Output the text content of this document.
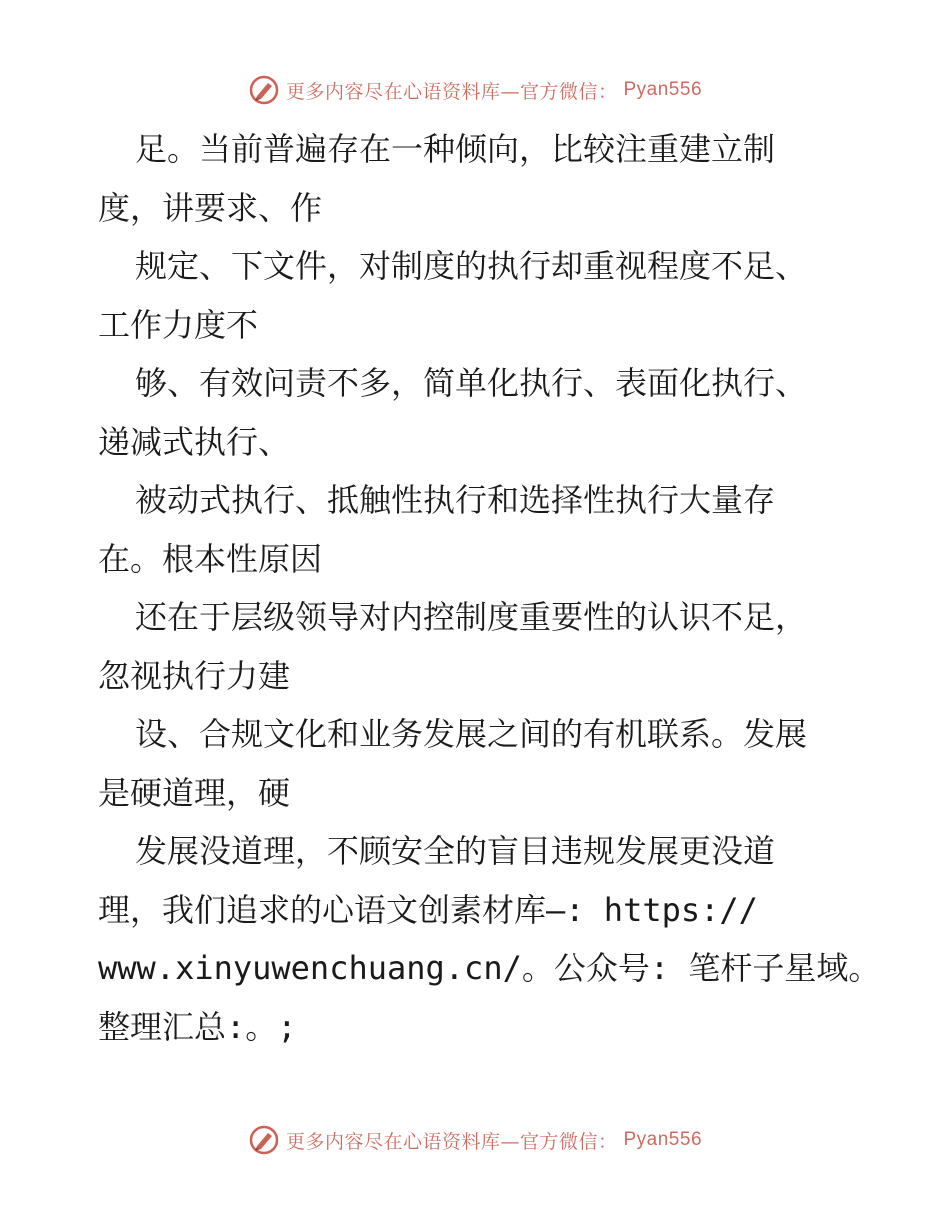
更多内容尽在心语资料库—官方微信： Pyan556

足。当前普遍存在一种倾向，比较注重建立制

度，讲要求、作

规定、下文件，对制度的执行却重视程度不足、

工作力度不

够、有效问责不多，简单化执行、表面化执行、

递减式执行、

被动式执行、抵触性执行和选择性执行大量存

在。根本性原因

还在于层级领导对内控制度重要性的认识不足，

忽视执行力建

设、合规文化和业务发展之间的有机联系。发展

是硬道理，硬

发展没道理，不顾安全的盲目违规发展更没道

理，我们追求的心语文创素材库—: https://

www.xinyuwenchuang.cn/。公众号: 笔杆子星域。

整理汇总:。;

更多内容尽在心语资料库—官方微信： Pyan556
